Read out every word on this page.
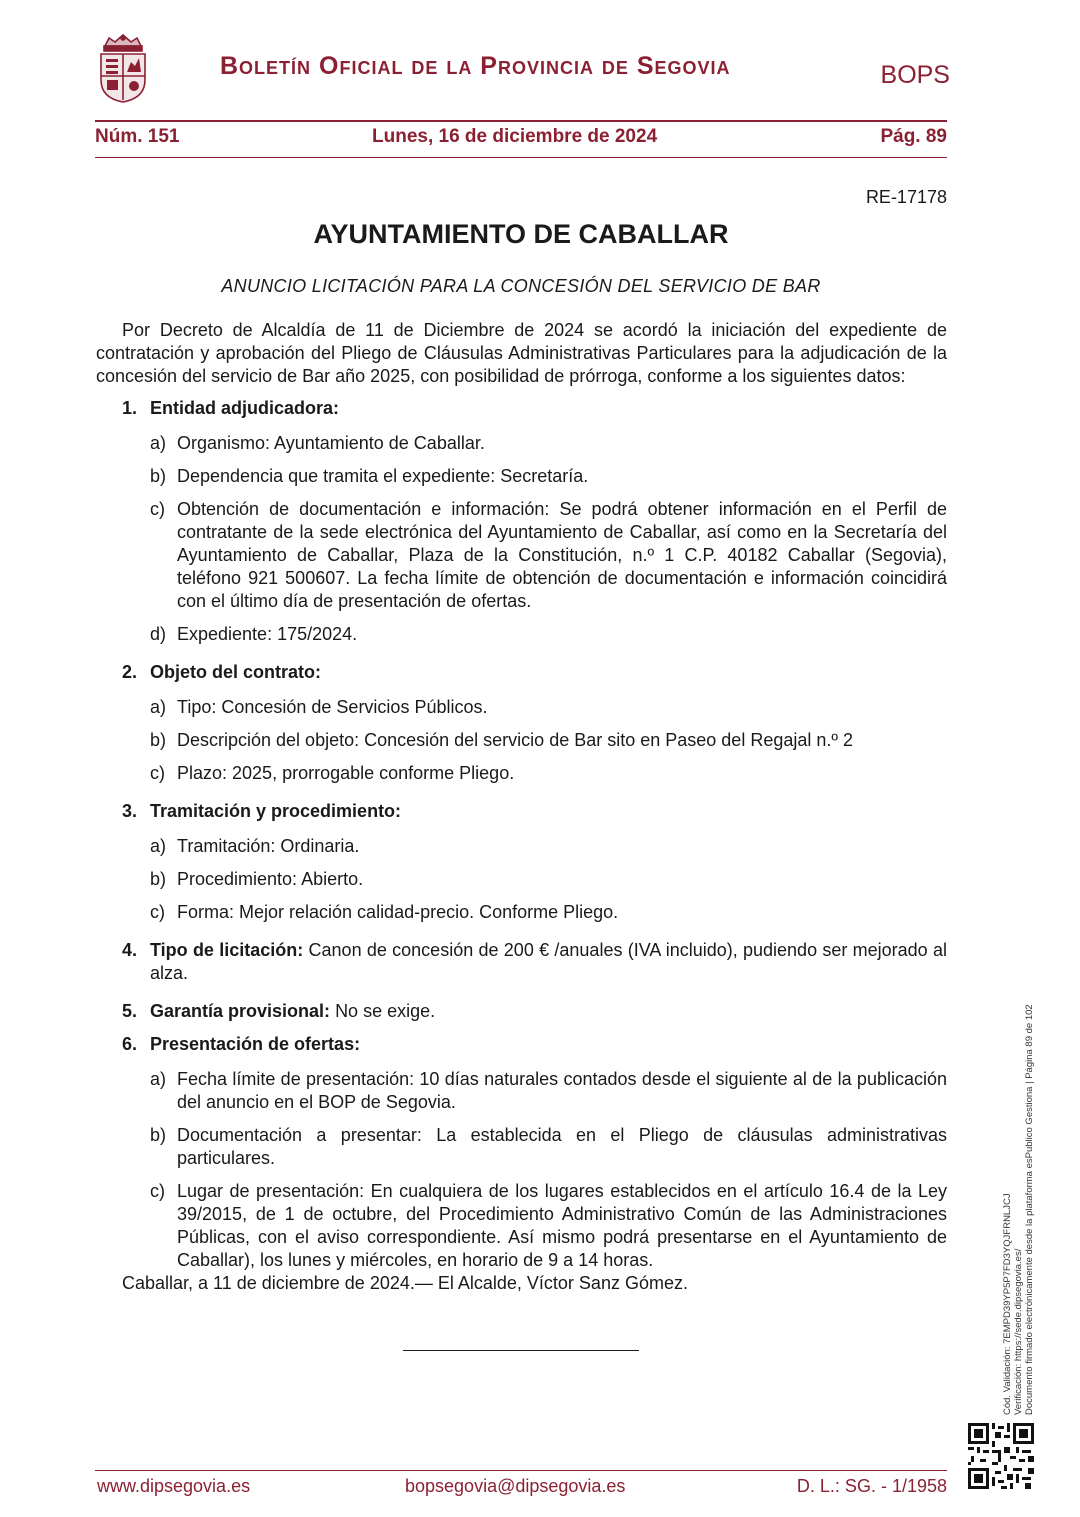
Boletín Oficial de la Provincia de Segovia	BOPS
Núm. 151	Lunes, 16 de diciembre de 2024	Pág. 89
RE-17178
AYUNTAMIENTO DE CABALLAR
ANUNCIO LICITACIÓN PARA LA CONCESIÓN DEL SERVICIO DE BAR

Por Decreto de Alcaldía de 11 de Diciembre de 2024 se acordó la iniciación del expediente de contratación y aprobación del Pliego de Cláusulas Administrativas Particulares para la adjudicación de la concesión del servicio de Bar año 2025, con posibilidad de prórroga, conforme a los siguientes datos:

1. Entidad adjudicadora:
a) Organismo: Ayuntamiento de Caballar.
b) Dependencia que tramita el expediente: Secretaría.
c) Obtención de documentación e información: Se podrá obtener información en el Perfil de contratante de la sede electrónica del Ayuntamiento de Caballar, así como en la Secretaría del Ayuntamiento de Caballar, Plaza de la Constitución, n.º 1 C.P. 40182 Caballar (Segovia), teléfono 921 500607. La fecha límite de obtención de documentación e información coincidirá con el último día de presentación de ofertas.
d) Expediente: 175/2024.
2. Objeto del contrato:
a) Tipo: Concesión de Servicios Públicos.
b) Descripción del objeto: Concesión del servicio de Bar sito en Paseo del Regajal n.º 2
c) Plazo: 2025, prorrogable conforme Pliego.
3. Tramitación y procedimiento:
a) Tramitación: Ordinaria.
b) Procedimiento: Abierto.
c) Forma: Mejor relación calidad-precio. Conforme Pliego.
4. Tipo de licitación: Canon de concesión de 200 € /anuales (IVA incluido), pudiendo ser mejorado al alza.
5. Garantía provisional: No se exige.
6. Presentación de ofertas:
a) Fecha límite de presentación: 10 días naturales contados desde el siguiente al de la publicación del anuncio en el BOP de Segovia.
b) Documentación a presentar: La establecida en el Pliego de cláusulas administrativas particulares.
c) Lugar de presentación: En cualquiera de los lugares establecidos en el artículo 16.4 de la Ley 39/2015, de 1 de octubre, del Procedimiento Administrativo Común de las Administraciones Públicas, con el aviso correspondiente. Así mismo podrá presentarse en el Ayuntamiento de Caballar), los lunes y miércoles, en horario de 9 a 14 horas.

Caballar, a 11 de diciembre de 2024.— El Alcalde, Víctor Sanz Gómez.	Cód. Validación: 7EMPD39YP5P7FD3YQJFRNLJCJ Verificación: https://sede.dipsegovia.es/ Documento firmado electrónicamente desde la plataforma esPublico Gestiona | Página 89 de 102
www.dipsegovia.es	bopsegovia@dipsegovia.es	D. L.: SG. - 1/1958
